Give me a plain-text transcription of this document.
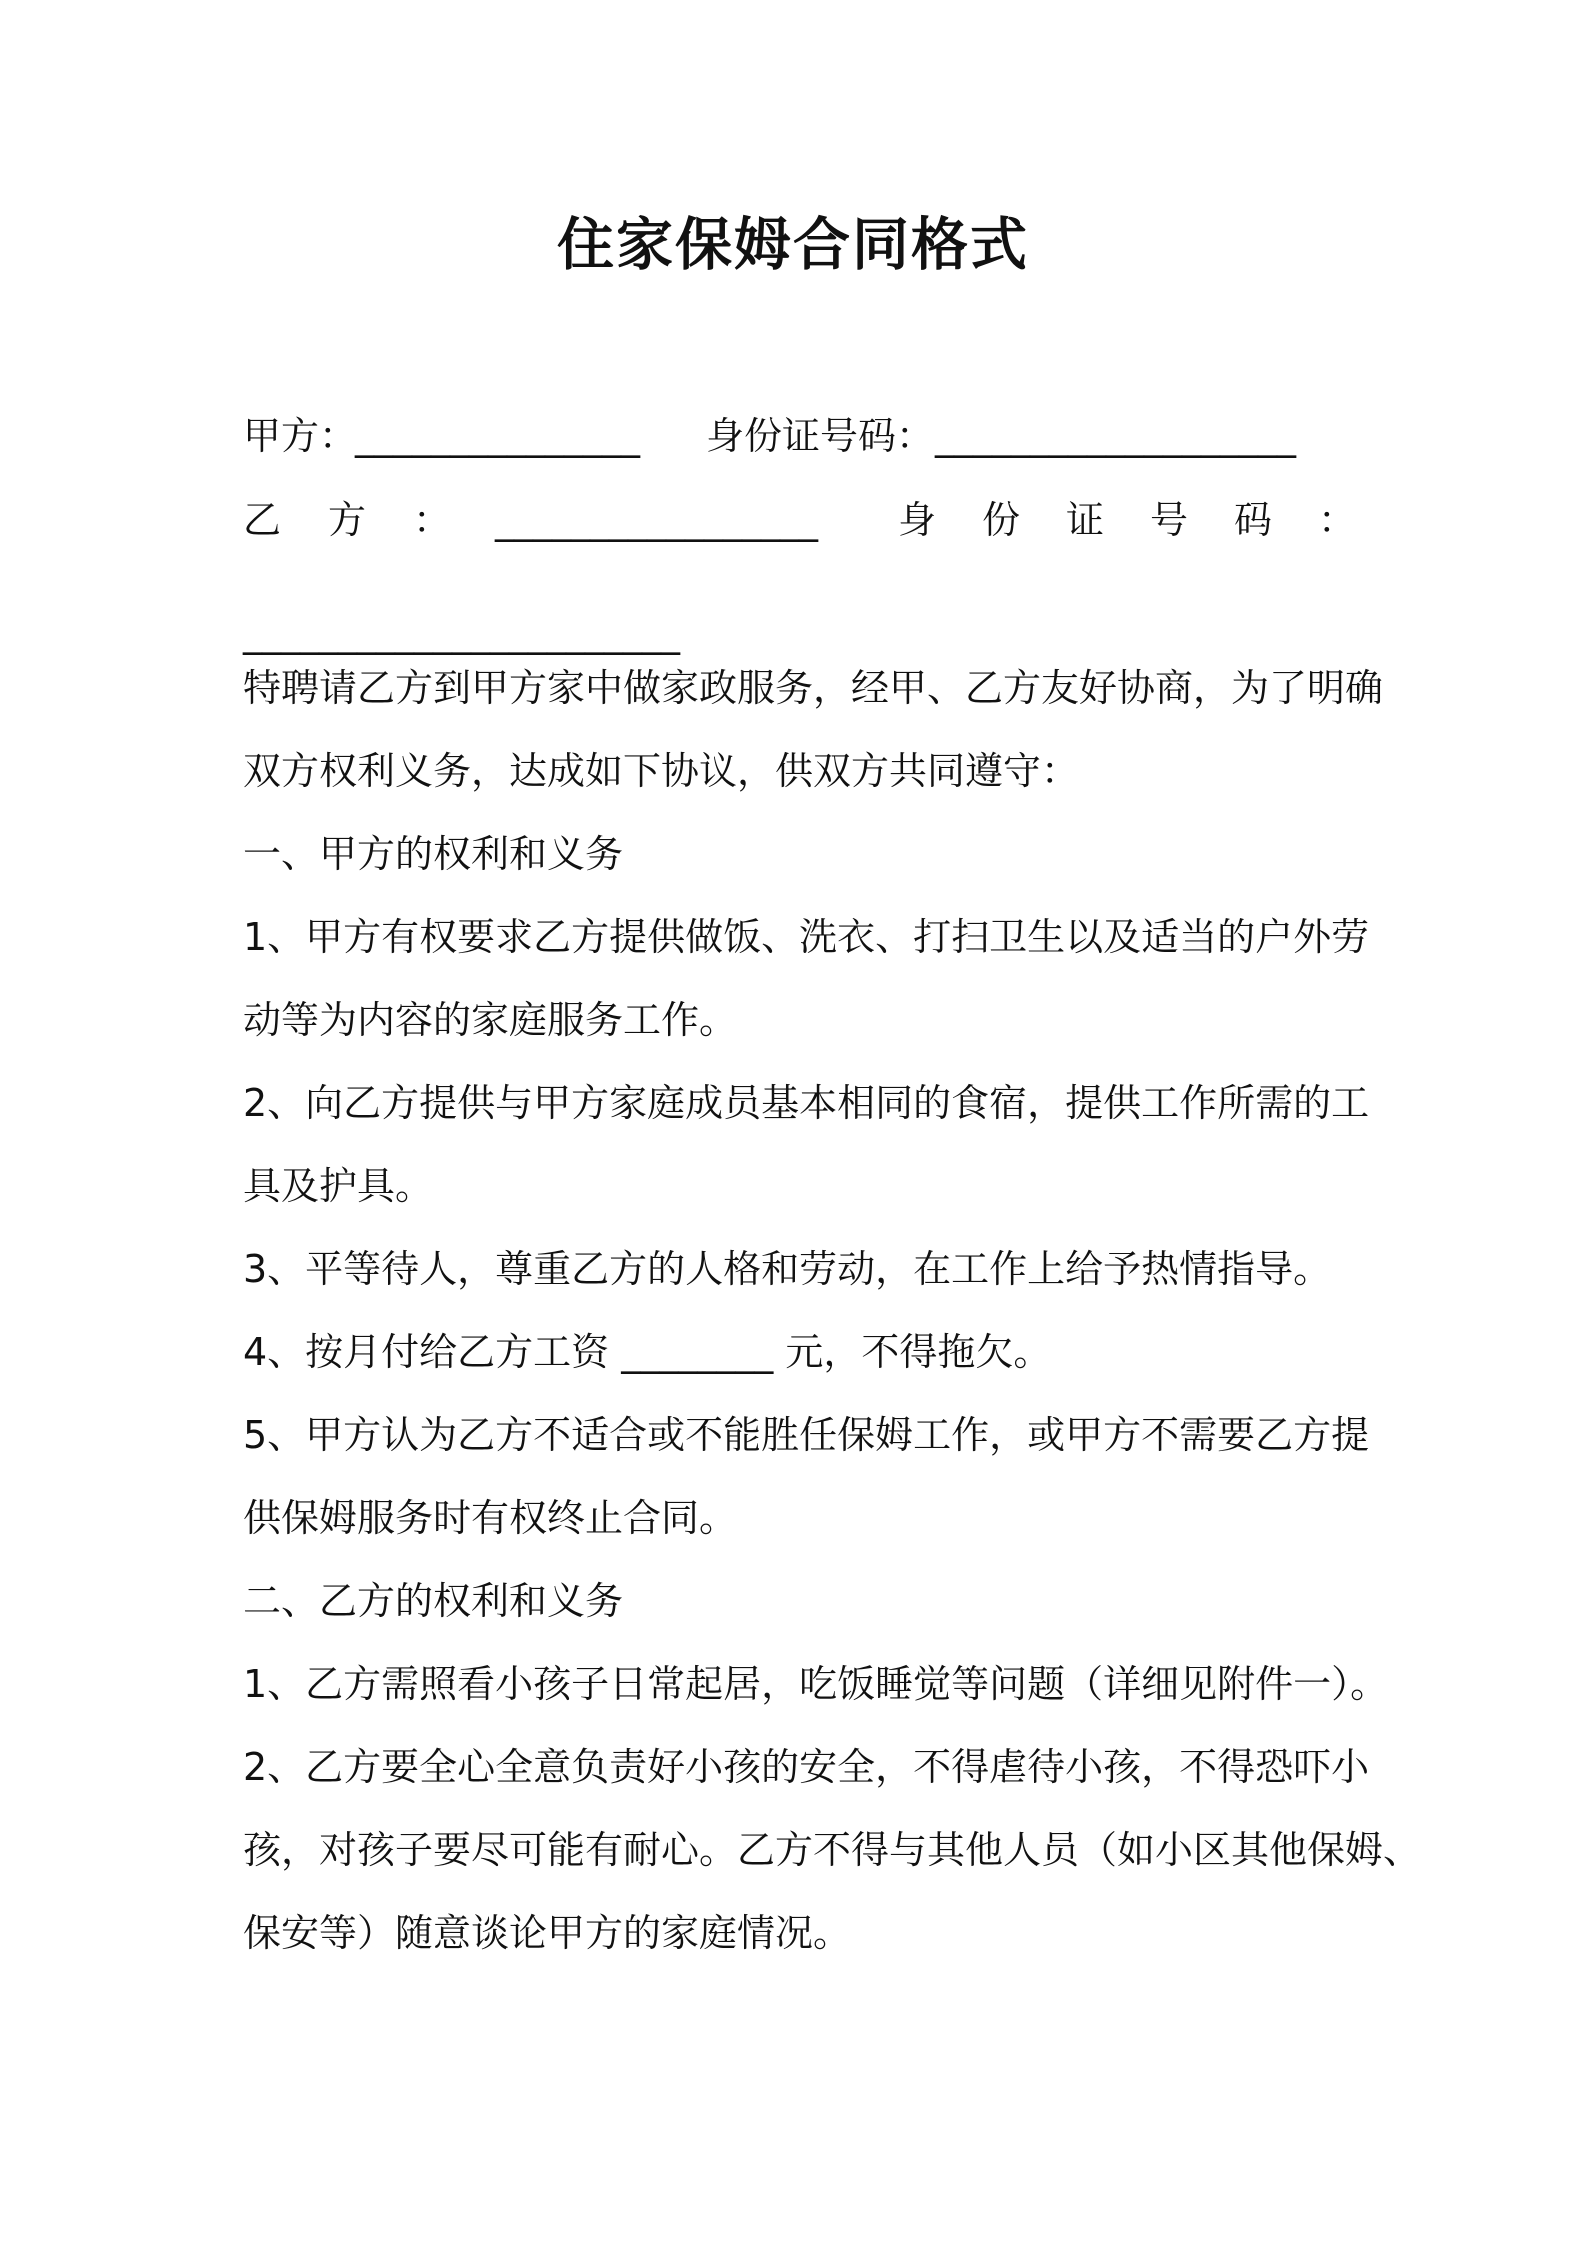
住家保姆合同格式
甲方：
_______________ 身份证号码： ___________________
乙 方 ： _________________ 身 份 证 号 码 ：
_______________________
特聘请乙方到甲方家中做家政服务，经甲、乙方友好协商，为了明确
双方权利义务，达成如下协议，供双方共同遵守：
一、甲方的权利和义务
1、甲方有权要求乙方提供做饭、洗衣、打扫卫生以及适当的户外劳
动等为内容的家庭服务工作。
2、向乙方提供与甲方家庭成员基本相同的食宿，提供工作所需的工
具及护具。
3、平等待人，尊重乙方的人格和劳动，在工作上给予热情指导。
4、按月付给乙方工资 ________ 元，不得拖欠。
5、甲方认为乙方不适合或不能胜任保姆工作，或甲方不需要乙方提
供保姆服务时有权终止合同。
二、乙方的权利和义务
1、乙方需照看小孩子日常起居，吃饭睡觉等问题（详细见附件一）。
2、乙方要全心全意负责好小孩的安全，不得虐待小孩，不得恐吓小
孩，对孩子要尽可能有耐心。乙方不得与其他人员（如小区其他保姆、
保安等）随意谈论甲方的家庭情况。
